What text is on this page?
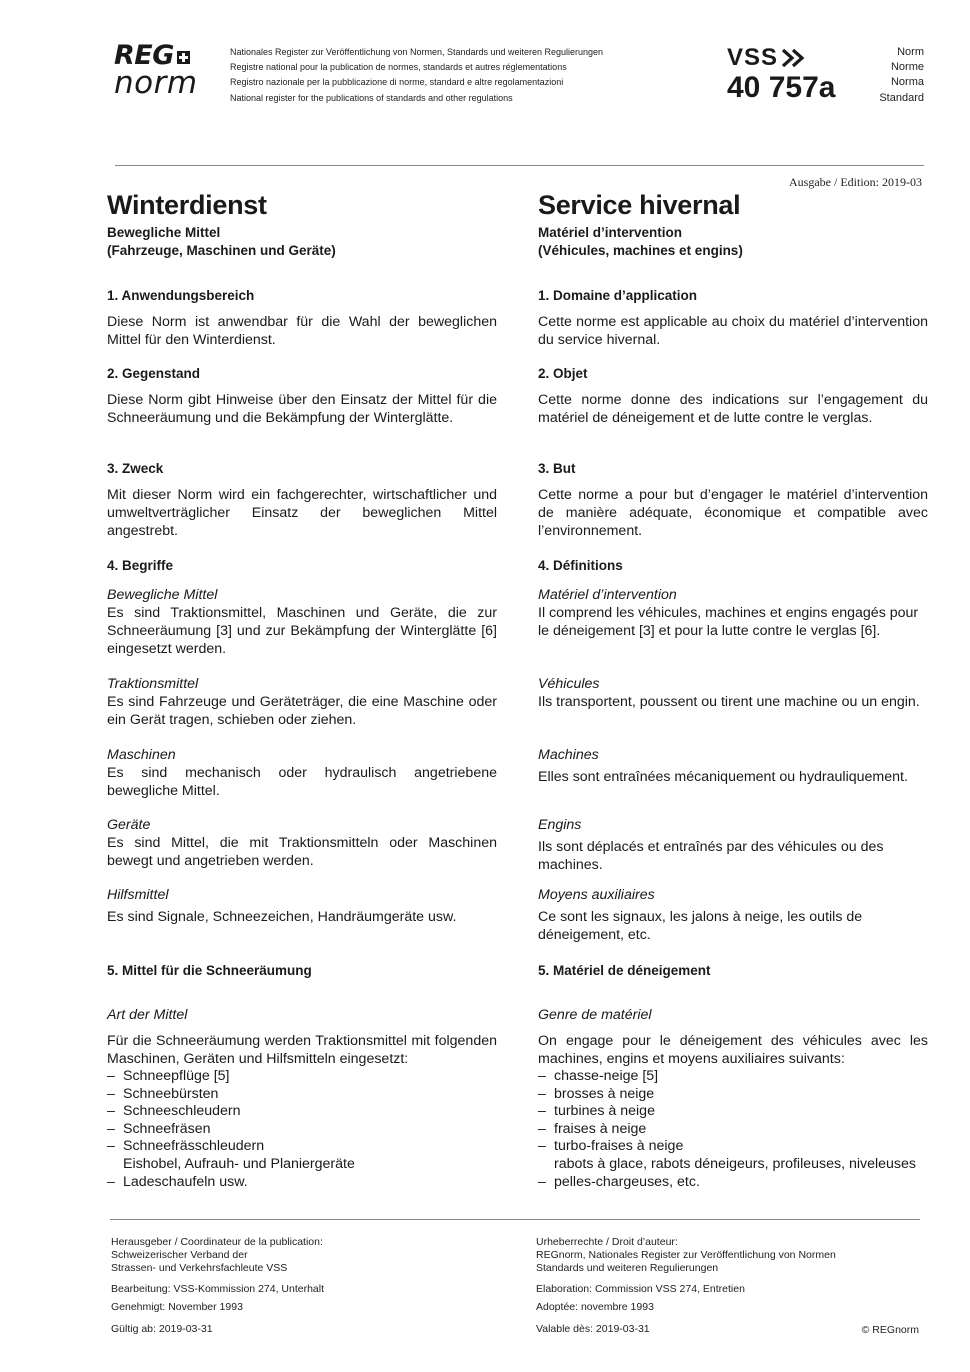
REG
norm
Nationales Register zur Veröffentlichung von Normen, Standards und weiteren Regulierungen
Registre national pour la publication de normes, standards et autres réglementations
Registro nazionale per la pubblicazione di norme, standard e altre regolamentazioni
National register for the publications of standards and other regulations
VSS
40 757a
Norm
Norme
Norma
Standard
Ausgabe / Edition: 2019-03
Winterdienst
Bewegliche Mittel
(Fahrzeuge, Maschinen und Geräte)
1. Anwendungsbereich
Diese Norm ist anwendbar für die Wahl der beweglichen Mittel für den Winterdienst.
2. Gegenstand
Diese Norm gibt Hinweise über den Einsatz der Mittel für die Schneeräumung und die Bekämpfung der Winterglätte.
3. Zweck
Mit dieser Norm wird ein fachgerechter, wirtschaftlicher und umweltverträglicher Einsatz der beweglichen Mittel angestrebt.
4. Begriffe
Bewegliche Mittel
Es sind Traktionsmittel, Maschinen und Geräte, die zur Schneeräumung [3] und zur Bekämpfung der Winterglätte [6] eingesetzt werden.
Traktionsmittel
Es sind Fahrzeuge und Geräteträger, die eine Maschine oder ein Gerät tragen, schieben oder ziehen.
Maschinen
Es sind mechanisch oder hydraulisch angetriebene bewegliche Mittel.
Geräte
Es sind Mittel, die mit Traktionsmitteln oder Maschinen bewegt und angetrieben werden.
Hilfsmittel
Es sind Signale, Schneezeichen, Handräumgeräte usw.
5. Mittel für die Schneeräumung
Art der Mittel
Für die Schneeräumung werden Traktionsmittel mit folgenden Maschinen, Geräten und Hilfsmitteln eingesetzt:
– Schneepflüge [5]
– Schneebürsten
– Schneeschleudern
– Schneefräsen
– Schneefrässchleudern
Eishobel, Aufrauh- und Planiergeräte
– Ladeschaufeln usw.
Service hivernal
Matériel d’intervention
(Véhicules, machines et engins)
1. Domaine d’application
Cette norme est applicable au choix du matériel d’intervention du service hivernal.
2. Objet
Cette norme donne des indications sur l’engagement du matériel de déneigement et de lutte contre le verglas.
3. But
Cette norme a pour but d’engager le matériel d’intervention de manière adéquate, économique et compatible avec l’environnement.
4. Définitions
Matériel d’intervention
Il comprend les véhicules, machines et engins engagés pour le déneigement [3] et pour la lutte contre le verglas [6].
Véhicules
Ils transportent, poussent ou tirent une machine ou un engin.
Machines
Elles sont entraînées mécaniquement ou hydrauliquement.
Engins
Ils sont déplacés et entraînés par des véhicules ou des machines.
Moyens auxiliaires
Ce sont les signaux, les jalons à neige, les outils de déneigement, etc.
5. Matériel de déneigement
Genre de matériel
On engage pour le déneigement des véhicules avec les machines, engins et moyens auxiliaires suivants:
– chasse-neige [5]
– brosses à neige
– turbines à neige
– fraises à neige
– turbo-fraises à neige
rabots à glace, rabots déneigeurs, profileuses, niveleuses
– pelles-chargeuses, etc.
Herausgeber / Coordinateur de la publication:
Schweizerischer Verband der
Strassen- und Verkehrsfachleute VSS
Bearbeitung: VSS-Kommission 274, Unterhalt
Genehmigt: November 1993
Gültig ab: 2019-03-31
Urheberrechte / Droit d’auteur:
REGnorm, Nationales Register zur Veröffentlichung von Normen
Standards und weiteren Regulierungen
Elaboration: Commission VSS 274, Entretien
Adoptée: novembre 1993
Valable dès: 2019-03-31	© REGnorm
